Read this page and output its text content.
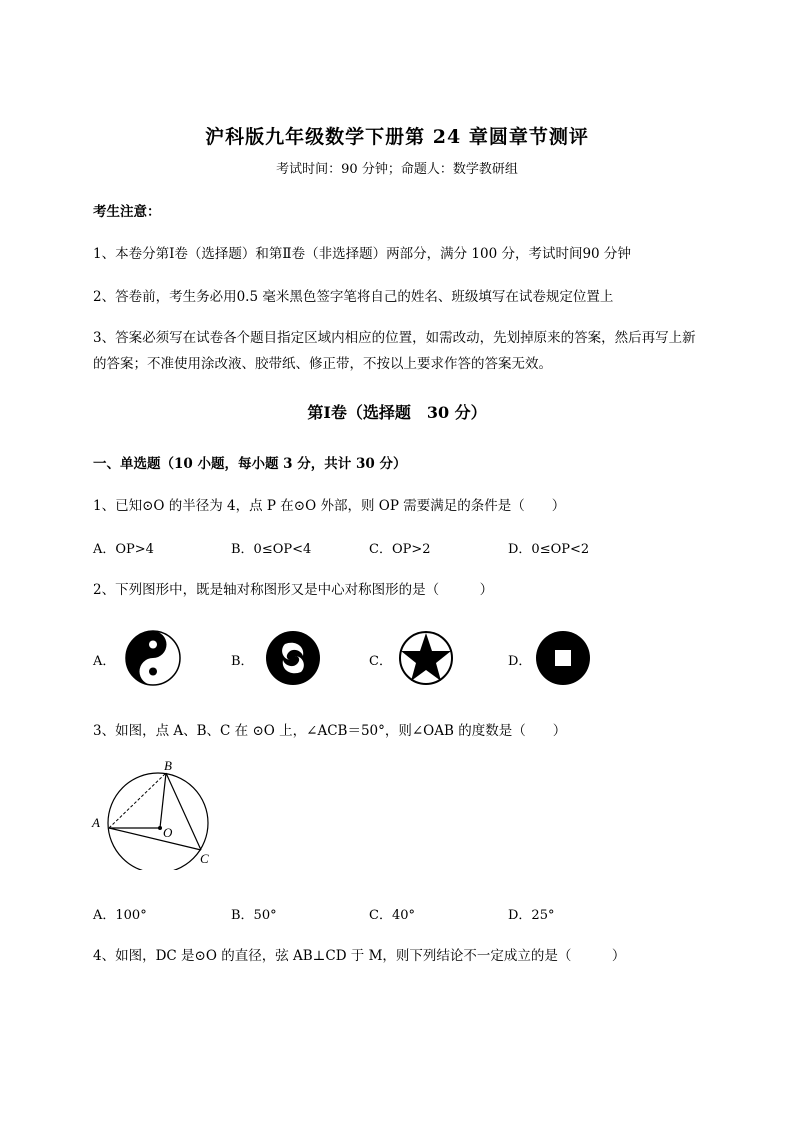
沪科版九年级数学下册第 24 章圆章节测评
考试时间：90 分钟；命题人：数学教研组
考生注意：
1、本卷分第Ⅰ卷（选择题）和第Ⅱ卷（非选择题）两部分，满分 100 分，考试时间90 分钟
2、答卷前，考生务必用0.5 毫米黑色签字笔将自己的姓名、班级填写在试卷规定位置上
3、答案必须写在试卷各个题目指定区域内相应的位置，如需改动，先划掉原来的答案，然后再写上新
的答案；不准使用涂改液、胶带纸、修正带，不按以上要求作答的答案无效。
第Ⅰ卷（选择题　30 分）
一、单选题（10 小题，每小题 3 分，共计 30 分）
1、已知⊙O 的半径为 4，点 P 在⊙O 外部，则 OP 需要满足的条件是（　　）
A．OP>4	B．0≤OP<4	C．OP>2	D．0≤OP<2
2、下列图形中，既是轴对称图形又是中心对称图形的是（　　　）
A．	B．	C．	D．
3、如图，点 A、B、C 在 ⊙O 上，∠ACB＝50°，则∠OAB 的度数是（　　）
A
B
C
O
A．100°	B．50°	C．40°	D．25°
4、如图，DC 是⊙O 的直径，弦 AB⊥CD 于 M，则下列结论不一定成立的是（　　　）
